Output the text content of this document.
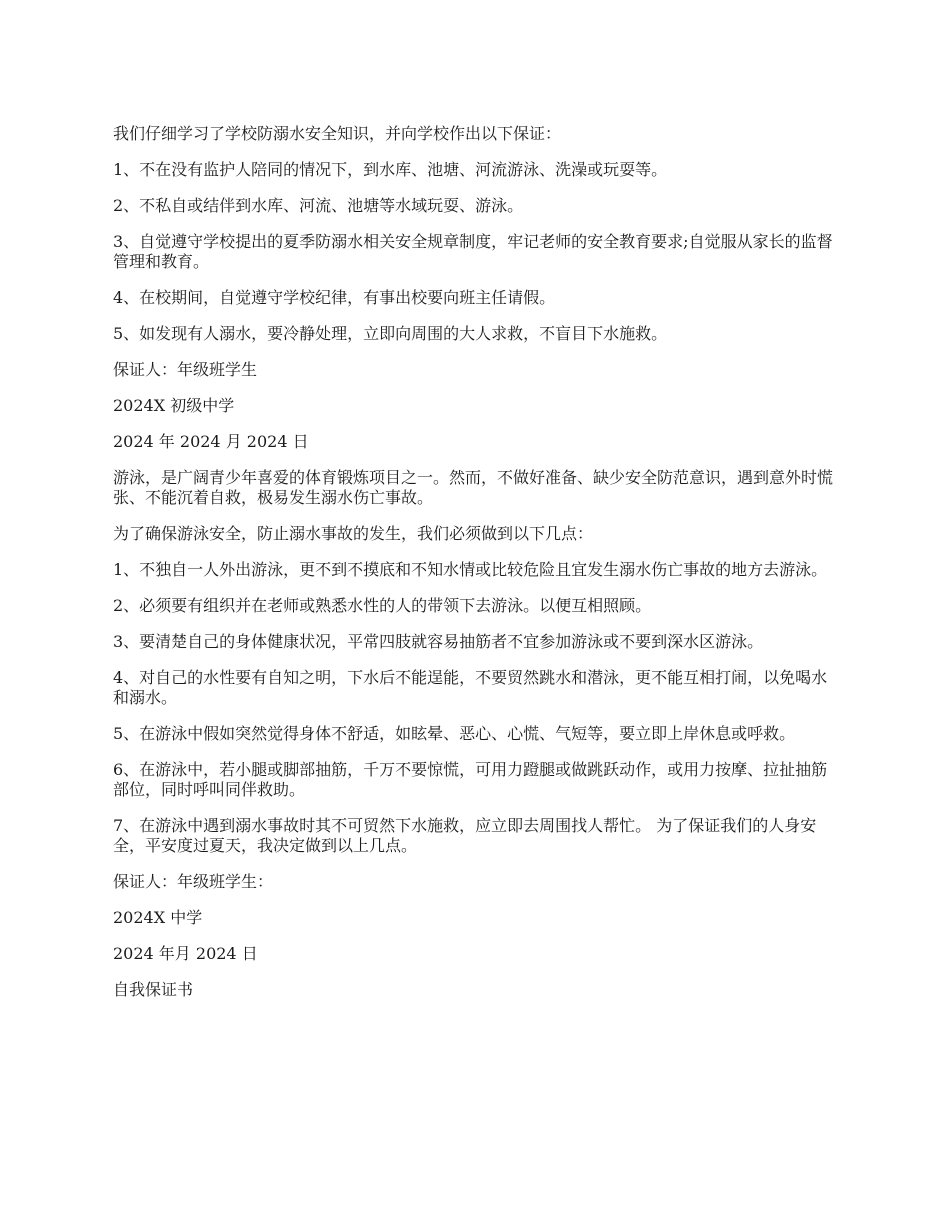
我们仔细学习了学校防溺水安全知识，并向学校作出以下保证：

1、不在没有监护人陪同的情况下，到水库、池塘、河流游泳、洗澡或玩耍等。

2、不私自或结伴到水库、河流、池塘等水域玩耍、游泳。

3、自觉遵守学校提出的夏季防溺水相关安全规章制度，牢记老师的安全教育要求;自觉服从家长的监督管理和教育。

4、在校期间，自觉遵守学校纪律，有事出校要向班主任请假。

5、如发现有人溺水，要冷静处理，立即向周围的大人求救，不盲目下水施救。

保证人：年级班学生

2024X 初级中学

2024 年 2024 月 2024 日

游泳，是广阔青少年喜爱的体育锻炼项目之一。然而，不做好准备、缺少安全防范意识，遇到意外时慌张、不能沉着自救，极易发生溺水伤亡事故。

为了确保游泳安全，防止溺水事故的发生，我们必须做到以下几点：

1、不独自一人外出游泳，更不到不摸底和不知水情或比较危险且宜发生溺水伤亡事故的地方去游泳。

2、必须要有组织并在老师或熟悉水性的人的带领下去游泳。以便互相照顾。

3、要清楚自己的身体健康状况，平常四肢就容易抽筋者不宜参加游泳或不要到深水区游泳。

4、对自己的水性要有自知之明，下水后不能逞能，不要贸然跳水和潜泳，更不能互相打闹，以免喝水和溺水。

5、在游泳中假如突然觉得身体不舒适，如眩晕、恶心、心慌、气短等，要立即上岸休息或呼救。

6、在游泳中，若小腿或脚部抽筋，千万不要惊慌，可用力蹬腿或做跳跃动作，或用力按摩、拉扯抽筋部位，同时呼叫同伴救助。

7、在游泳中遇到溺水事故时其不可贸然下水施救，应立即去周围找人帮忙。 为了保证我们的人身安全，平安度过夏天，我决定做到以上几点。

保证人：年级班学生：

2024X 中学

2024 年月 2024 日

自我保证书
